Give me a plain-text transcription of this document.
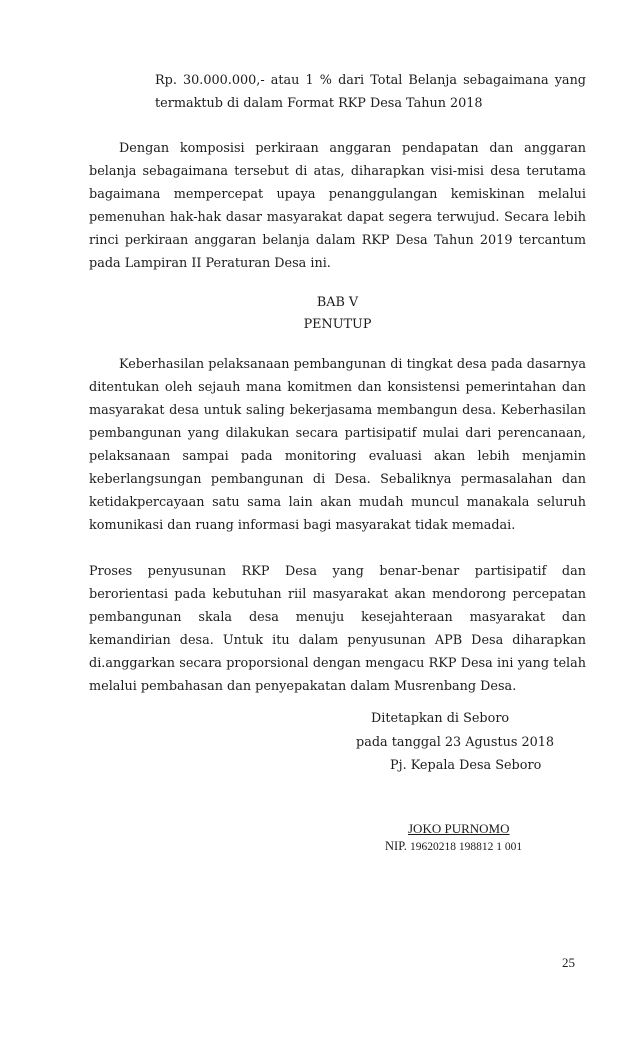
Rp. 30.000.000,- atau 1 % dari Total Belanja sebagaimana yang termaktub di dalam Format RKP Desa Tahun 2018

Dengan komposisi perkiraan anggaran pendapatan dan anggaran belanja sebagaimana tersebut di atas, diharapkan visi-misi desa terutama bagaimana mempercepat upaya penanggulangan kemiskinan melalui pemenuhan hak-hak dasar masyarakat dapat segera terwujud. Secara lebih rinci perkiraan anggaran belanja dalam RKP Desa Tahun 2019 tercantum pada Lampiran II Peraturan Desa ini.

BAB V

PENUTUP

Keberhasilan pelaksanaan pembangunan di tingkat desa pada dasarnya ditentukan oleh sejauh mana komitmen dan konsistensi pemerintahan dan masyarakat desa untuk saling bekerjasama membangun desa. Keberhasilan pembangunan yang dilakukan secara partisipatif mulai dari perencanaan, pelaksanaan sampai pada monitoring evaluasi akan lebih menjamin keberlangsungan pembangunan di Desa. Sebaliknya permasalahan dan ketidakpercayaan satu sama lain akan mudah muncul manakala seluruh komunikasi dan ruang informasi bagi masyarakat tidak memadai.

Proses penyusunan RKP Desa yang benar-benar partisipatif dan berorientasi pada kebutuhan riil masyarakat akan mendorong percepatan pembangunan skala desa menuju kesejahteraan masyarakat dan kemandirian desa. Untuk itu dalam penyusunan APB Desa diharapkan di.anggarkan secara proporsional dengan mengacu RKP Desa ini yang telah melalui pembahasan dan penyepakatan dalam Musrenbang Desa.

Ditetapkan di Seboro

pada tanggal 23 Agustus 2018

Pj. Kepala Desa Seboro

JOKO PURNOMO

NIP. 19620218 198812 1 001

25
